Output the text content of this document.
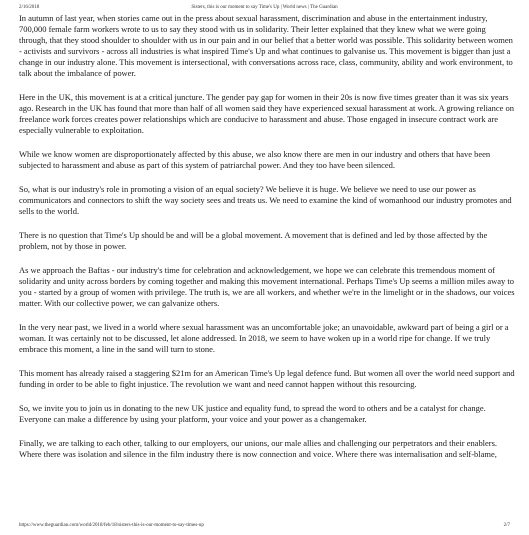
2/16/2018	Sisters, this is our moment to say Time's Up | World news | The Guardian

In autumn of last year, when stories came out in the press about sexual harassment, discrimination and abuse in the entertainment industry, 700,000 female farm workers wrote to us to say they stood with us in solidarity. Their letter explained that they knew what we were going through, that they stood shoulder to shoulder with us in our pain and in our belief that a better world was possible. This solidarity between women - activists and survivors - across all industries is what inspired Time's Up and what continues to galvanise us. This movement is bigger than just a change in our industry alone. This movement is intersectional, with conversations across race, class, community, ability and work environment, to talk about the imbalance of power.

Here in the UK, this movement is at a critical juncture. The gender pay gap for women in their 20s is now five times greater than it was six years ago. Research in the UK has found that more than half of all women said they have experienced sexual harassment at work. A growing reliance on freelance work forces creates power relationships which are conducive to harassment and abuse. Those engaged in insecure contract work are especially vulnerable to exploitation.

While we know women are disproportionately affected by this abuse, we also know there are men in our industry and others that have been subjected to harassment and abuse as part of this system of patriarchal power. And they too have been silenced.

So, what is our industry's role in promoting a vision of an equal society? We believe it is huge. We believe we need to use our power as communicators and connectors to shift the way society sees and treats us. We need to examine the kind of womanhood our industry promotes and sells to the world.

There is no question that Time's Up should be and will be a global movement. A movement that is defined and led by those affected by the problem, not by those in power.

As we approach the Baftas - our industry's time for celebration and acknowledgement, we hope we can celebrate this tremendous moment of solidarity and unity across borders by coming together and making this movement international. Perhaps Time's Up seems a million miles away to you - started by a group of women with privilege. The truth is, we are all workers, and whether we're in the limelight or in the shadows, our voices matter. With our collective power, we can galvanize others.

In the very near past, we lived in a world where sexual harassment was an uncomfortable joke; an unavoidable, awkward part of being a girl or a woman. It was certainly not to be discussed, let alone addressed. In 2018, we seem to have woken up in a world ripe for change. If we truly embrace this moment, a line in the sand will turn to stone.

This moment has already raised a staggering $21m for an American Time's Up legal defence fund. But women all over the world need support and funding in order to be able to fight injustice. The revolution we want and need cannot happen without this resourcing.

So, we invite you to join us in donating to the new UK justice and equality fund, to spread the word to others and be a catalyst for change. Everyone can make a difference by using your platform, your voice and your power as a changemaker.

Finally, we are talking to each other, talking to our employers, our unions, our male allies and challenging our perpetrators and their enablers. Where there was isolation and silence in the film industry there is now connection and voice. Where there was internalisation and self-blame,

https://www.theguardian.com/world/2018/feb/18/sisters-this-is-our-moment-to-say-times-up	2/7
